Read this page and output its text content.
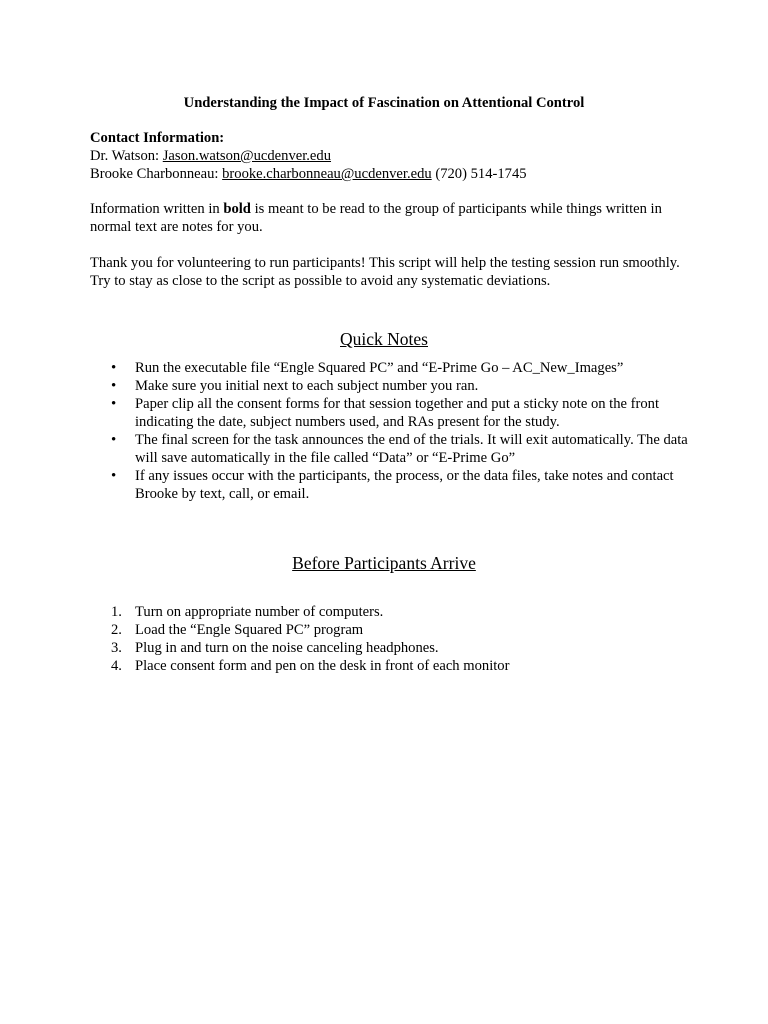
Understanding the Impact of Fascination on Attentional Control
Contact Information:
Dr. Watson: Jason.watson@ucdenver.edu
Brooke Charbonneau: brooke.charbonneau@ucdenver.edu (720) 514-1745
Information written in bold is meant to be read to the group of participants while things written in normal text are notes for you.
Thank you for volunteering to run participants! This script will help the testing session run smoothly. Try to stay as close to the script as possible to avoid any systematic deviations.
Quick Notes
• Run the executable file “Engle Squared PC” and “E-Prime Go – AC_New_Images”
• Make sure you initial next to each subject number you ran.
• Paper clip all the consent forms for that session together and put a sticky note on the front indicating the date, subject numbers used, and RAs present for the study.
• The final screen for the task announces the end of the trials. It will exit automatically. The data will save automatically in the file called “Data” or “E-Prime Go”
• If any issues occur with the participants, the process, or the data files, take notes and contact Brooke by text, call, or email.
Before Participants Arrive
1. Turn on appropriate number of computers.
2. Load the “Engle Squared PC” program
3. Plug in and turn on the noise canceling headphones.
4. Place consent form and pen on the desk in front of each monitor
